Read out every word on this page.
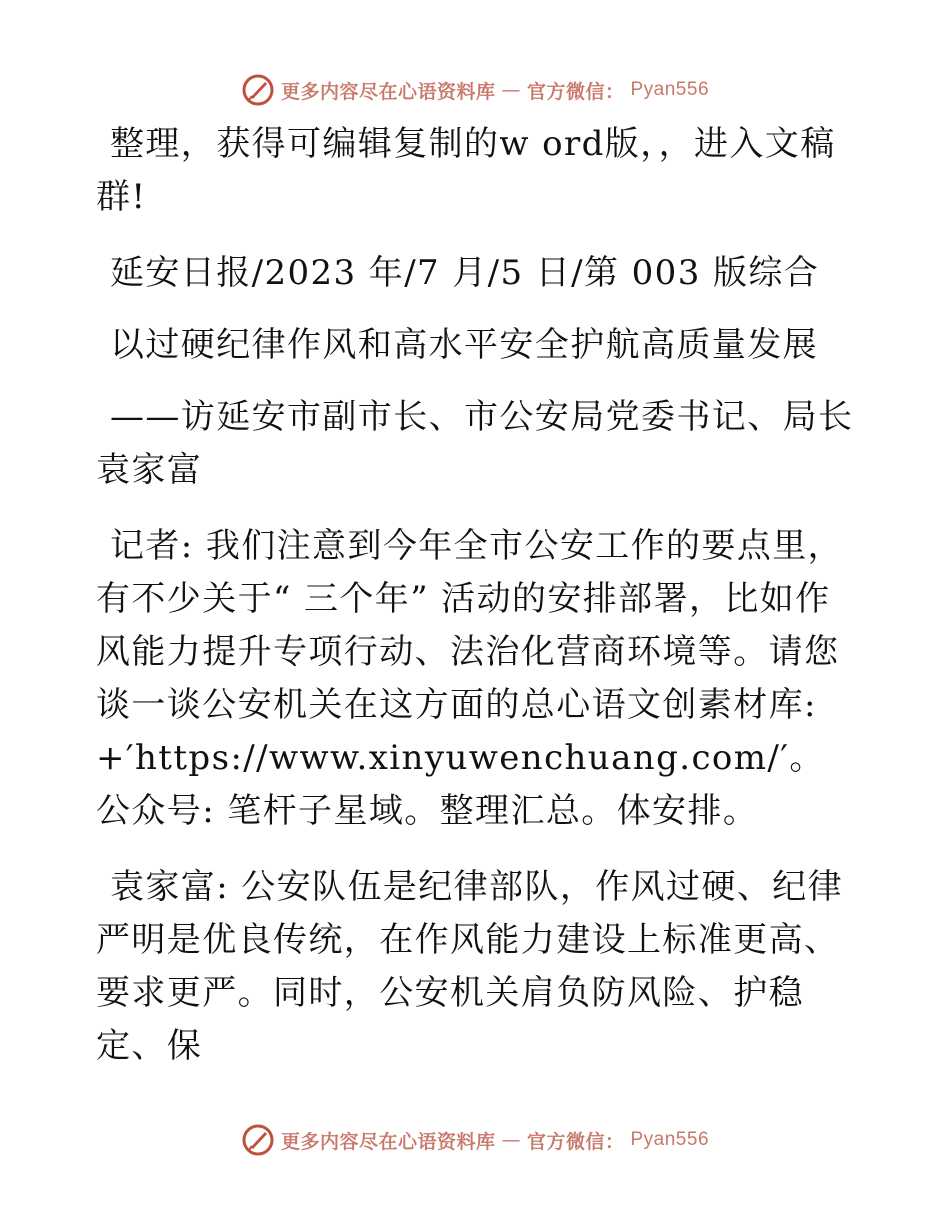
更多内容尽在心语资料库 — 官方微信： Pyan556

整理，获得可编辑复制的w ord版，，进入文稿群!

延安日报/2023 年/7 月/5 日/第 003 版综合

以过硬纪律作风和高水平安全护航高质量发展

——访延安市副市长、市公安局党委书记、局长袁家富

记者: 我们注意到今年全市公安工作的要点里，有不少关于“ 三个年” 活动的安排部署，比如作风能力提升专项行动、法治化营商环境等。请您谈一谈公安机关在这方面的总心语文创素材库: +′https://www.xinyuwenchuang.com/′。公众号: 笔杆子星域。整理汇总。体安排。

袁家富: 公安队伍是纪律部队，作风过硬、纪律严明是优良传统，在作风能力建设上标准更高、要求更严。同时，公安机关肩负防风险、护稳定、保

更多内容尽在心语资料库 — 官方微信： Pyan556
